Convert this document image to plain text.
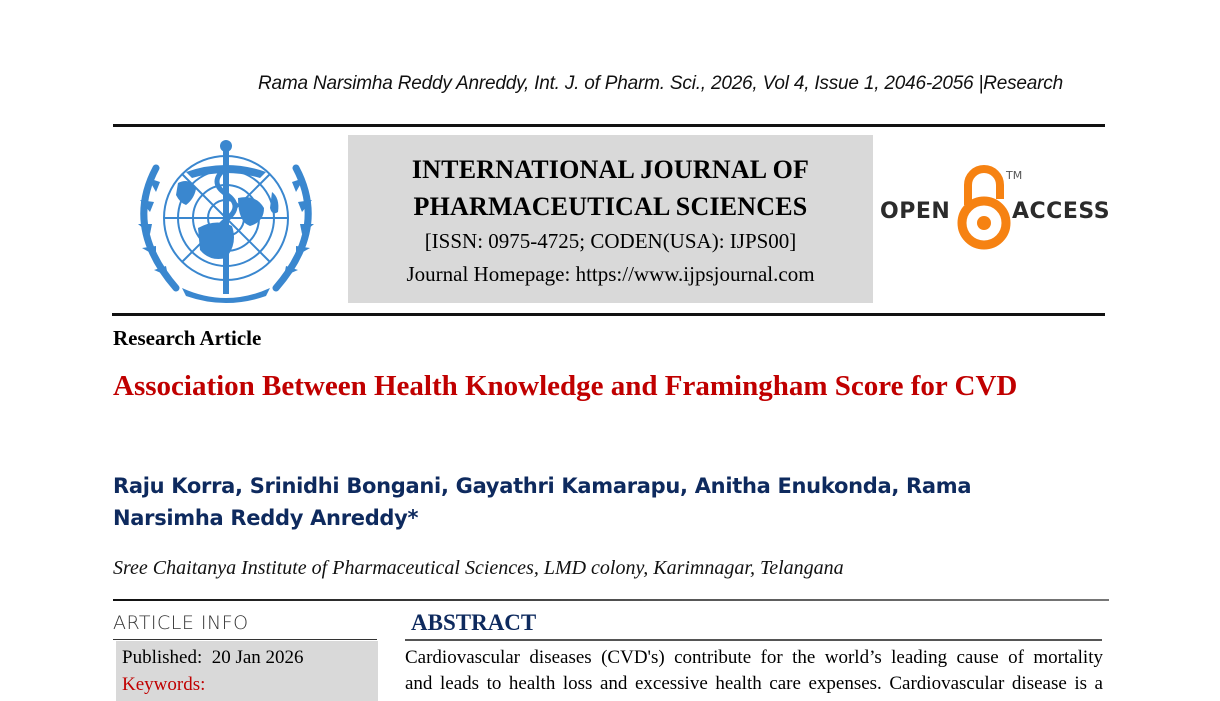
Rama Narsimha Reddy Anreddy, Int. J. of Pharm. Sci., 2026, Vol 4, Issue 1, 2046-2056 |Research
INTERNATIONAL JOURNAL OF
PHARMACEUTICAL SCIENCES
[ISSN: 0975-4725; CODEN(USA): IJPS00]
Journal Homepage: https://www.ijpsjournal.com
OPEN
TM
ACCESS
Research Article
Association Between Health Knowledge and Framingham Score for CVD
Raju Korra, Srinidhi Bongani, Gayathri Kamarapu, Anitha Enukonda, Rama Narsimha Reddy Anreddy*
Sree Chaitanya Institute of Pharmaceutical Sciences, LMD colony, Karimnagar, Telangana
ARTICLE INFO
Published: 20 Jan 2026
Keywords:
ABSTRACT
Cardiovascular diseases (CVD's) contribute for the world’s leading cause of mortality
and leads to health loss and excessive health care expenses. Cardiovascular disease is a
